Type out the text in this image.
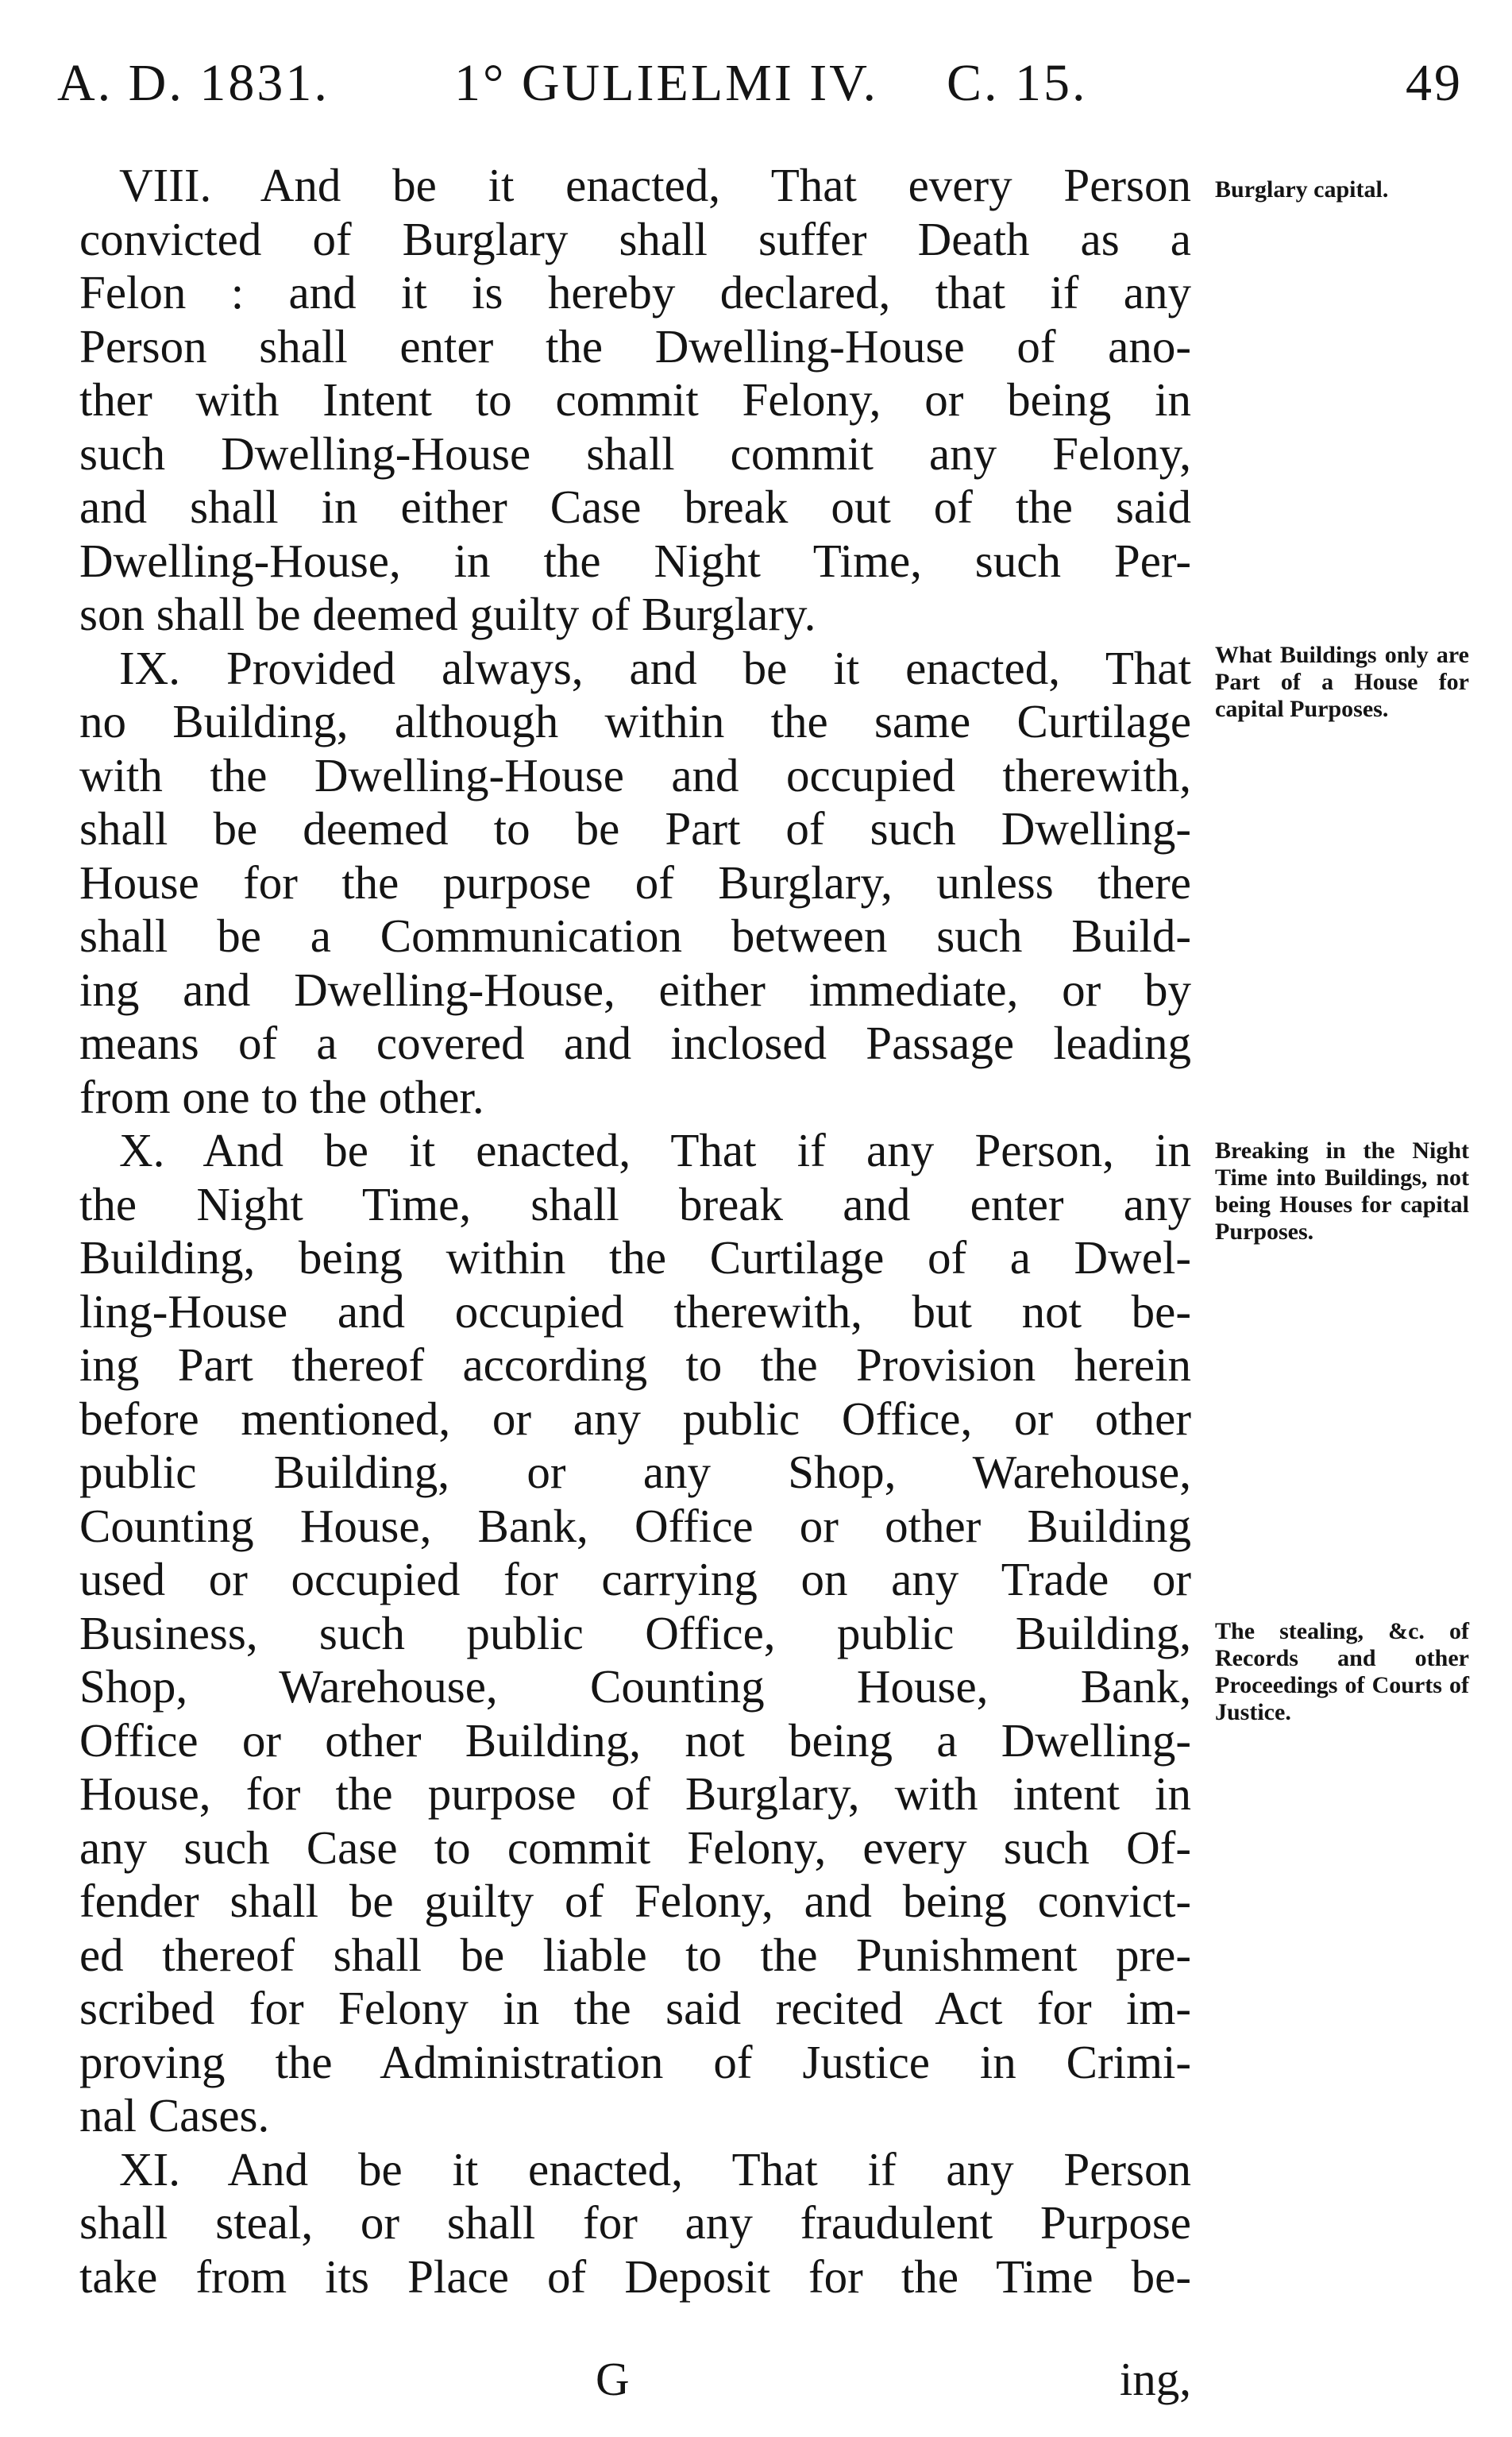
A. D. 1831. 1° GULIELMI IV. C. 15.	49
VIII. And be it enacted, That every Person
convicted of Burglary shall suffer Death as a
Felon : and it is hereby declared, that if any
Person shall enter the Dwelling-House of ano-
ther with Intent to commit Felony, or being in
such Dwelling-House shall commit any Felony,
and shall in either Case break out of the said
Dwelling-House, in the Night Time, such Per-
son shall be deemed guilty of Burglary.
IX. Provided always, and be it enacted, That
no Building, although within the same Curtilage
with the Dwelling-House and occupied therewith,
shall be deemed to be Part of such Dwelling-
House for the purpose of Burglary, unless there
shall be a Communication between such Build-
ing and Dwelling-House, either immediate, or by
means of a covered and inclosed Passage leading
from one to the other.
X. And be it enacted, That if any Person, in
the Night Time, shall break and enter any
Building, being within the Curtilage of a Dwel-
ling-House and occupied therewith, but not be-
ing Part thereof according to the Provision herein
before mentioned, or any public Office, or other
public Building, or any Shop, Warehouse,
Counting House, Bank, Office or other Building
used or occupied for carrying on any Trade or
Business, such public Office, public Building,
Shop, Warehouse, Counting House, Bank,
Office or other Building, not being a Dwelling-
House, for the purpose of Burglary, with intent in
any such Case to commit Felony, every such Of-
fender shall be guilty of Felony, and being convict-
ed thereof shall be liable to the Punishment pre-
scribed for Felony in the said recited Act for im-
proving the Administration of Justice in Crimi-
nal Cases.
XI. And be it enacted, That if any Person
shall steal, or shall for any fraudulent Purpose
take from its Place of Deposit for the Time be-
G	ing,
Burglary capital.
What Buildings only are Part of a House for capital Purposes.
Breaking in the Night Time into Buildings, not being Houses for capital Purposes.
The stealing, &c. of Records and other Proceedings of Courts of Justice.
